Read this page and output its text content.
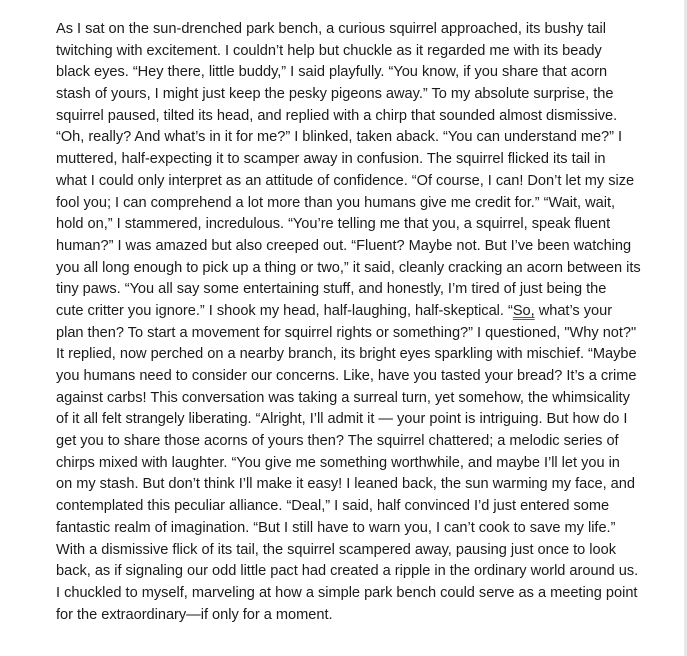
As I sat on the sun-drenched park bench, a curious squirrel approached, its bushy tail
twitching with excitement. I couldn’t help but chuckle as it regarded me with its beady
black eyes. “Hey there, little buddy,” I said playfully. “You know, if you share that acorn
stash of yours, I might just keep the pesky pigeons away.” To my absolute surprise, the
squirrel paused, tilted its head, and replied with a chirp that sounded almost dismissive.
“Oh, really? And what’s in it for me?” I blinked, taken aback. “You can understand me?” I
muttered, half-expecting it to scamper away in confusion. The squirrel flicked its tail in
what I could only interpret as an attitude of confidence. “Of course, I can! Don’t let my size
fool you; I can comprehend a lot more than you humans give me credit for.” “Wait, wait,
hold on,” I stammered, incredulous. “You’re telling me that you, a squirrel, speak fluent
human?” I was amazed but also creeped out. “Fluent? Maybe not. But I’ve been watching
you all long enough to pick up a thing or two,” it said, cleanly cracking an acorn between its
tiny paws. “You all say some entertaining stuff, and honestly, I’m tired of just being the
cute critter you ignore.” I shook my head, half-laughing, half-skeptical. “So, what’s your
plan then? To start a movement for squirrel rights or something?” I questioned, "Why not?"
It replied, now perched on a nearby branch, its bright eyes sparkling with mischief. “Maybe
you humans need to consider our concerns. Like, have you tasted your bread? It’s a crime
against carbs! This conversation was taking a surreal turn, yet somehow, the whimsicality
of it all felt strangely liberating. “Alright, I’ll admit it — your point is intriguing. But how do I
get you to share those acorns of yours then? The squirrel chattered; a melodic series of
chirps mixed with laughter. “You give me something worthwhile, and maybe I’ll let you in
on my stash. But don’t think I’ll make it easy! I leaned back, the sun warming my face, and
contemplated this peculiar alliance. “Deal,” I said, half convinced I’d just entered some
fantastic realm of imagination. “But I still have to warn you, I can’t cook to save my life.”
With a dismissive flick of its tail, the squirrel scampered away, pausing just once to look
back, as if signaling our odd little pact had created a ripple in the ordinary world around us.
I chuckled to myself, marveling at how a simple park bench could serve as a meeting point
for the extraordinary—if only for a moment.
